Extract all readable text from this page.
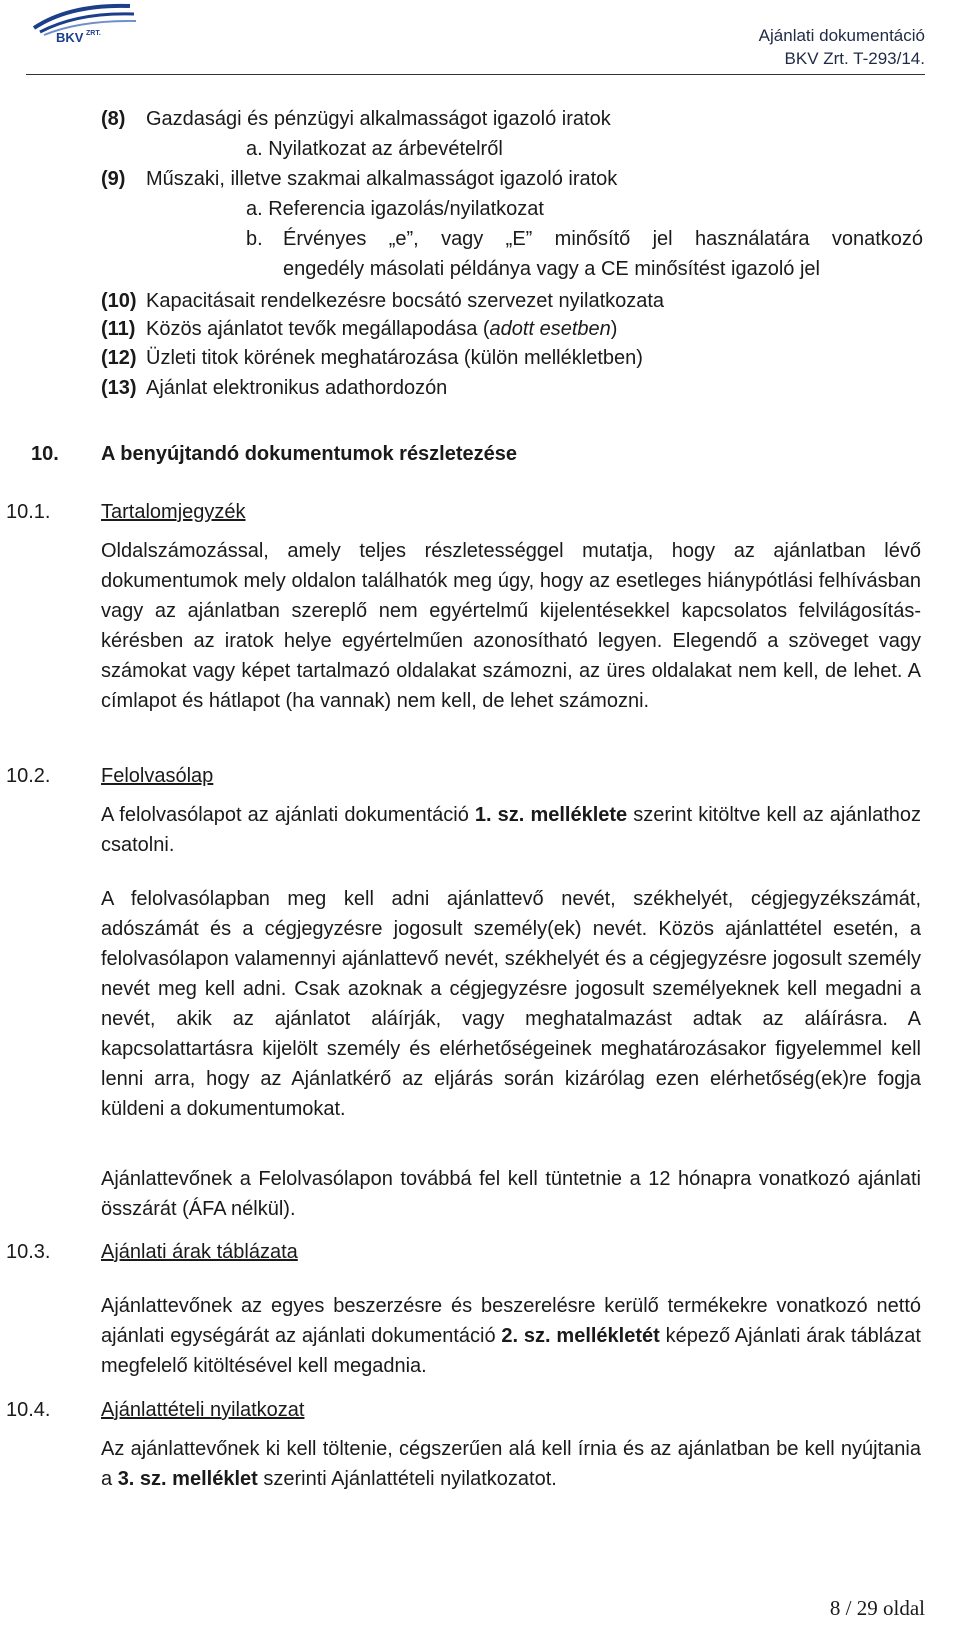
BKV ZRT.	Ajánlati dokumentáció
BKV Zrt. T-293/14.
(8) Gazdasági és pénzügyi alkalmasságot igazoló iratok
a. Nyilatkozat az árbevételről
(9) Műszaki, illetve szakmai alkalmasságot igazoló iratok
a. Referencia igazolás/nyilatkozat
b. Érvényes „e”, vagy „E” minősítő jel használatára vonatkozó
engedély másolati példánya vagy a CE minősítést igazoló jel
(10) Kapacitásait rendelkezésre bocsátó szervezet nyilatkozata
(11) Közös ajánlatot tevők megállapodása (adott esetben)
(12) Üzleti titok körének meghatározása (külön mellékletben)
(13) Ajánlat elektronikus adathordozón
10. A benyújtandó dokumentumok részletezése
10.1.	Tartalomjegyzék
Oldalszámozással, amely teljes részletességgel mutatja, hogy az ajánlatban lévő dokumentumok mely oldalon találhatók meg úgy, hogy az esetleges hiánypótlási felhívásban vagy az ajánlatban szereplő nem egyértelmű kijelentésekkel kapcsolatos felvilágosítás-kérésben az iratok helye egyértelműen azonosítható legyen. Elegendő a szöveget vagy számokat vagy képet tartalmazó oldalakat számozni, az üres oldalakat nem kell, de lehet. A címlapot és hátlapot (ha vannak) nem kell, de lehet számozni.
10.2.	Felolvasólap
A felolvasólapot az ajánlati dokumentáció 1. sz. melléklete szerint kitöltve kell az ajánlathoz csatolni.
A felolvasólapban meg kell adni ajánlattevő nevét, székhelyét, cégjegyzékszámát, adószámát és a cégjegyzésre jogosult személy(ek) nevét. Közös ajánlattétel esetén, a felolvasólapon valamennyi ajánlattevő nevét, székhelyét és a cégjegyzésre jogosult személy nevét meg kell adni. Csak azoknak a cégjegyzésre jogosult személyeknek kell megadni a nevét, akik az ajánlatot aláírják, vagy meghatalmazást adtak az aláírásra. A kapcsolattartásra kijelölt személy és elérhetőségeinek meghatározásakor figyelemmel kell lenni arra, hogy az Ajánlatkérő az eljárás során kizárólag ezen elérhetőség(ek)re fogja küldeni a dokumentumokat.
Ajánlattevőnek a Felolvasólapon továbbá fel kell tüntetnie a 12 hónapra vonatkozó ajánlati összárát (ÁFA nélkül).
10.3.	Ajánlati árak táblázata
Ajánlattevőnek az egyes beszerzésre és beszerelésre kerülő termékekre vonatkozó nettó ajánlati egységárát az ajánlati dokumentáció 2. sz. mellékletét képező Ajánlati árak táblázat megfelelő kitöltésével kell megadnia.
10.4.	Ajánlattételi nyilatkozat
Az ajánlattevőnek ki kell töltenie, cégszerűen alá kell írnia és az ajánlatban be kell nyújtania a 3. sz. melléklet szerinti Ajánlattételi nyilatkozatot.
8 / 29 oldal
